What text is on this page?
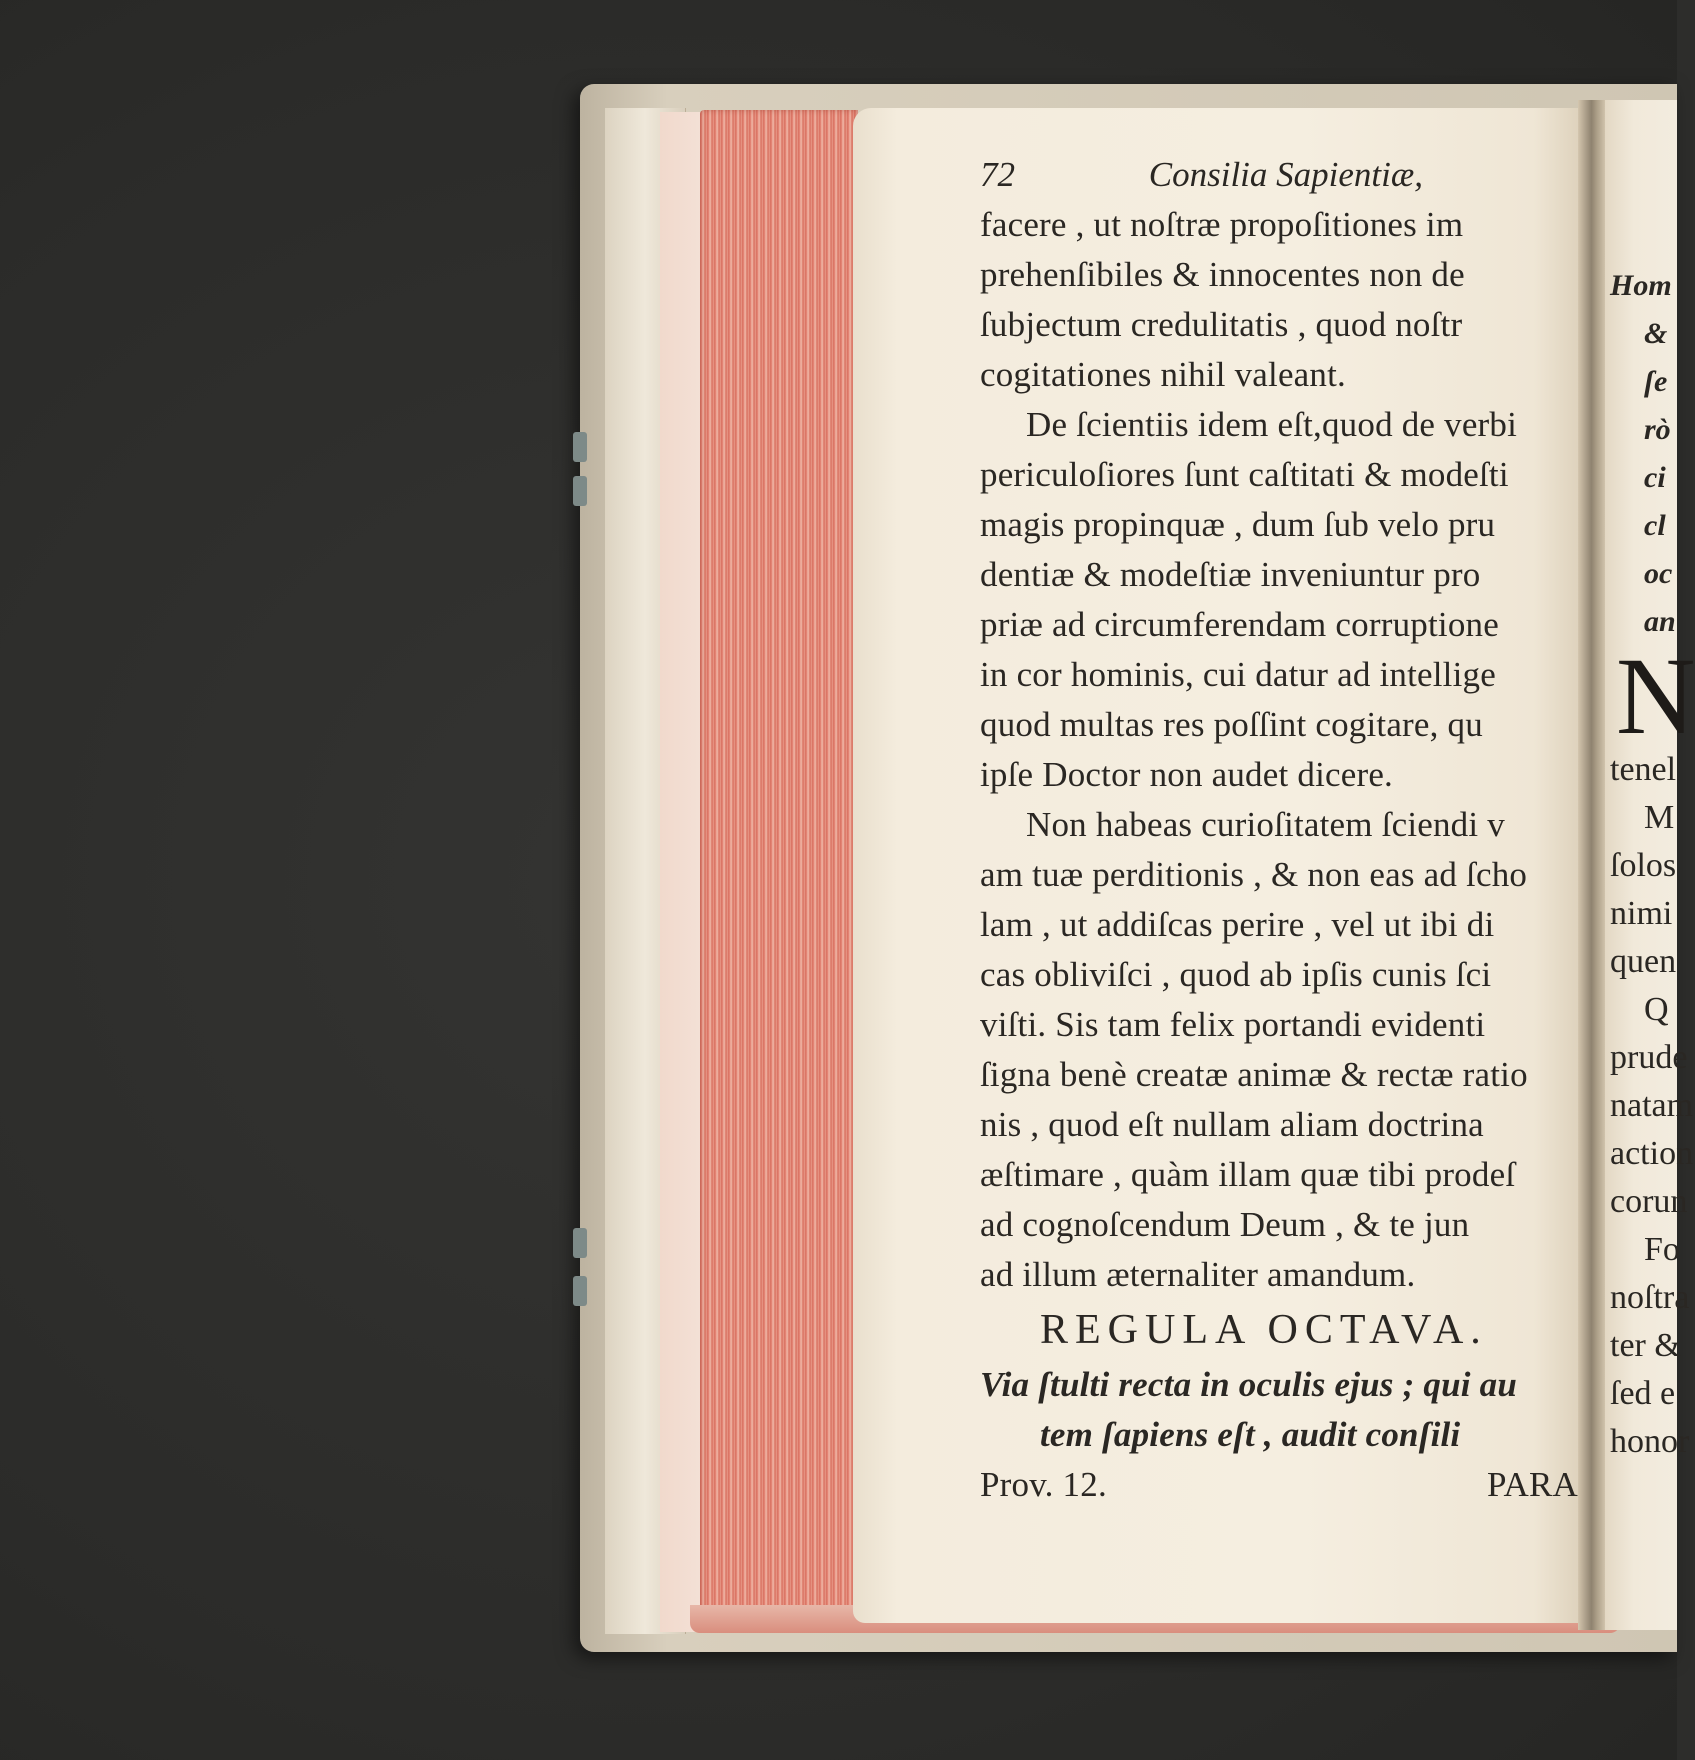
72	Consilia Sapientiæ,
facere , ut noſtræ propoſitiones im
prehenſibiles & innocentes non de
ſubjectum credulitatis , quod noſtr
cogitationes nihil valeant.
De ſcientiis idem eſt,quod de verbi
periculoſiores ſunt caſtitati & modeſti
magis propinquæ , dum ſub velo pru
dentiæ & modeſtiæ inveniuntur pro
priæ ad circumferendam corruptione
in cor hominis, cui datur ad intellige
quod multas res poſſint cogitare, qu
ipſe Doctor non audet dicere.
Non habeas curioſitatem ſciendi v
am tuæ perditionis , & non eas ad ſcho
lam , ut addiſcas perire , vel ut ibi di
cas obliviſci , quod ab ipſis cunis ſci
viſti. Sis tam felix portandi evidenti
ſigna benè creatæ animæ & rectæ ratio
nis , quod eſt nullam aliam doctrina
æſtimare , quàm illam quæ tibi prodeſ
ad cognoſcendum Deum , & te jun
ad illum æternaliter amandum.
REGULA OCTAVA.
Via ſtulti recta in oculis ejus ; qui au
tem ſapiens eſt , audit conſili
Prov. 12.	PARA
Hom
&
ſe
rò
ci
cl
oc
an
N
tenel
M
ſolos
nimi
quen
Q
prude
natam
action
corun
Fo
noſtra
ter &
ſed e
honor
